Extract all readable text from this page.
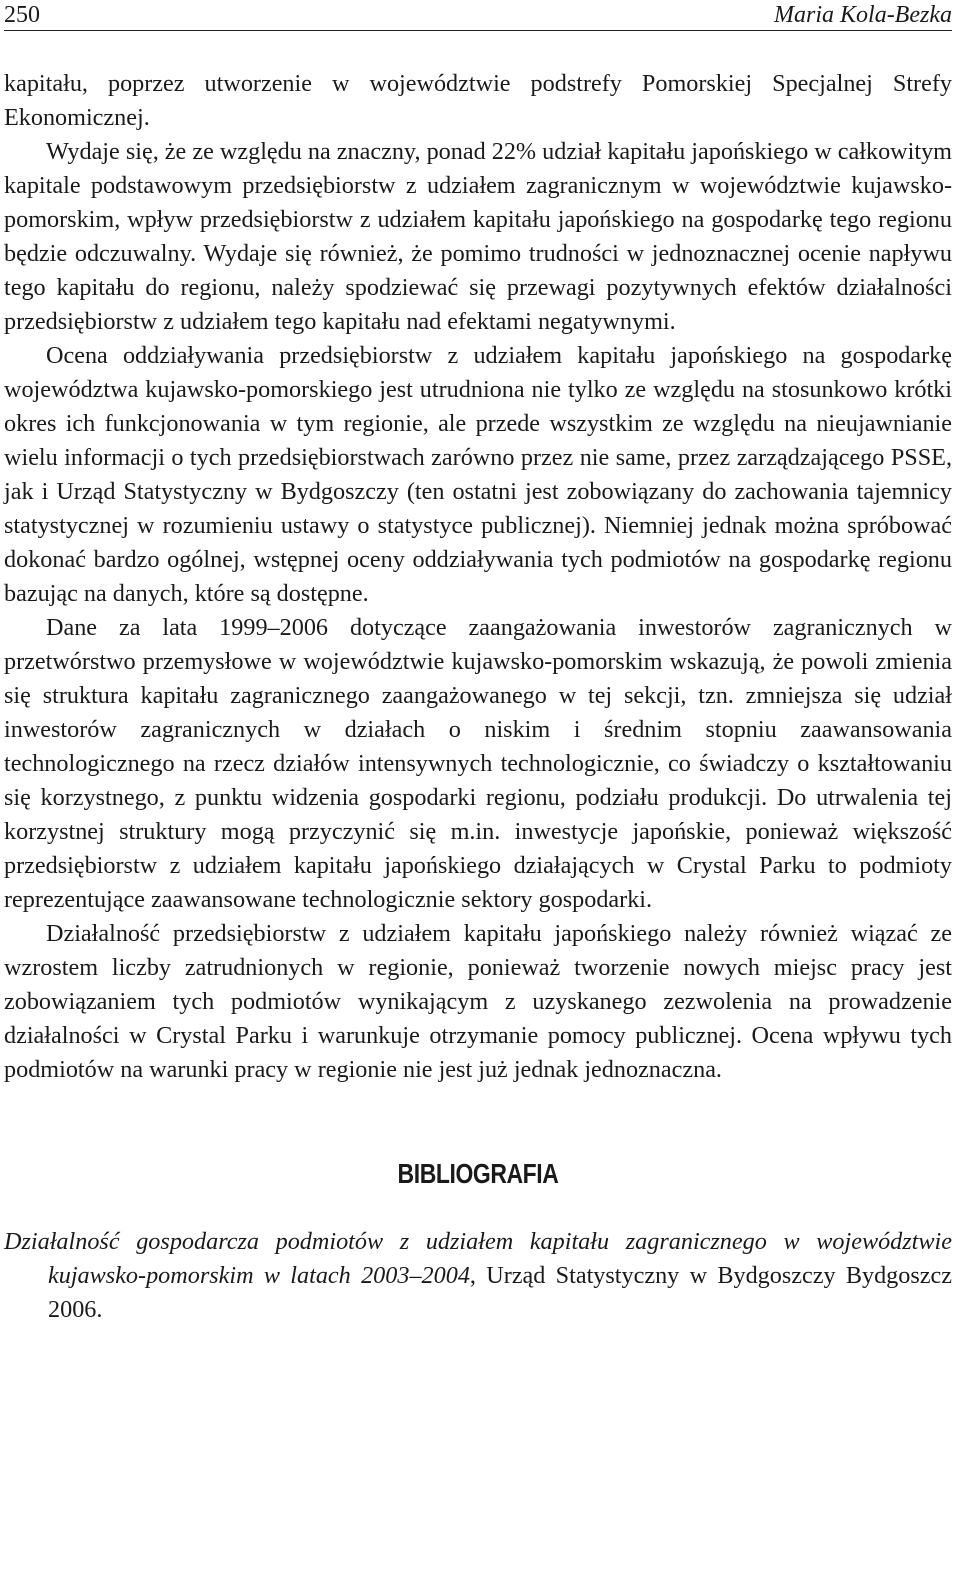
250	Maria Kola-Bezka

kapitału, poprzez utworzenie w województwie podstrefy Pomorskiej Specjalnej Strefy Ekonomicznej.

Wydaje się, że ze względu na znaczny, ponad 22% udział kapitału japońskiego w całkowitym kapitale podstawowym przedsiębiorstw z udziałem zagranicznym w województwie kujawsko-pomorskim, wpływ przedsiębiorstw z udziałem kapitału japońskiego na gospodarkę tego regionu będzie odczuwalny. Wydaje się również, że pomimo trudności w jednoznacznej ocenie napływu tego kapitału do regionu, należy spodziewać się przewagi pozytywnych efektów działalności przedsiębiorstw z udziałem tego kapitału nad efektami negatywnymi.

Ocena oddziaływania przedsiębiorstw z udziałem kapitału japońskiego na gospodarkę województwa kujawsko-pomorskiego jest utrudniona nie tylko ze względu na stosunkowo krótki okres ich funkcjonowania w tym regionie, ale przede wszystkim ze względu na nieujawnianie wielu informacji o tych przedsiębiorstwach zarówno przez nie same, przez zarządzającego PSSE, jak i Urząd Statystyczny w Bydgoszczy (ten ostatni jest zobowiązany do zachowania tajemnicy statystycznej w rozumieniu ustawy o statystyce publicznej). Niemniej jednak można spróbować dokonać bardzo ogólnej, wstępnej oceny oddziaływania tych podmiotów na gospodarkę regionu bazując na danych, które są dostępne.

Dane za lata 1999–2006 dotyczące zaangażowania inwestorów zagranicznych w przetwórstwo przemysłowe w województwie kujawsko-pomorskim wskazują, że powoli zmienia się struktura kapitału zagranicznego zaangażowanego w tej sekcji, tzn. zmniejsza się udział inwestorów zagranicznych w działach o niskim i średnim stopniu zaawansowania technologicznego na rzecz działów intensywnych technologicznie, co świadczy o kształtowaniu się korzystnego, z punktu widzenia gospodarki regionu, podziału produkcji. Do utrwalenia tej korzystnej struktury mogą przyczynić się m.in. inwestycje japońskie, ponieważ większość przedsiębiorstw z udziałem kapitału japońskiego działających w Crystal Parku to podmioty reprezentujące zaawansowane technologicznie sektory gospodarki.

Działalność przedsiębiorstw z udziałem kapitału japońskiego należy również wiązać ze wzrostem liczby zatrudnionych w regionie, ponieważ tworzenie nowych miejsc pracy jest zobowiązaniem tych podmiotów wynikającym z uzyskanego zezwolenia na prowadzenie działalności w Crystal Parku i warunkuje otrzymanie pomocy publicznej. Ocena wpływu tych podmiotów na warunki pracy w regionie nie jest już jednak jednoznaczna.

BIBLIOGRAFIA
Działalność gospodarcza podmiotów z udziałem kapitału zagranicznego w województwie kujawsko-pomorskim w latach 2003–2004, Urząd Statystyczny w Bydgoszczy Bydgoszcz 2006.
